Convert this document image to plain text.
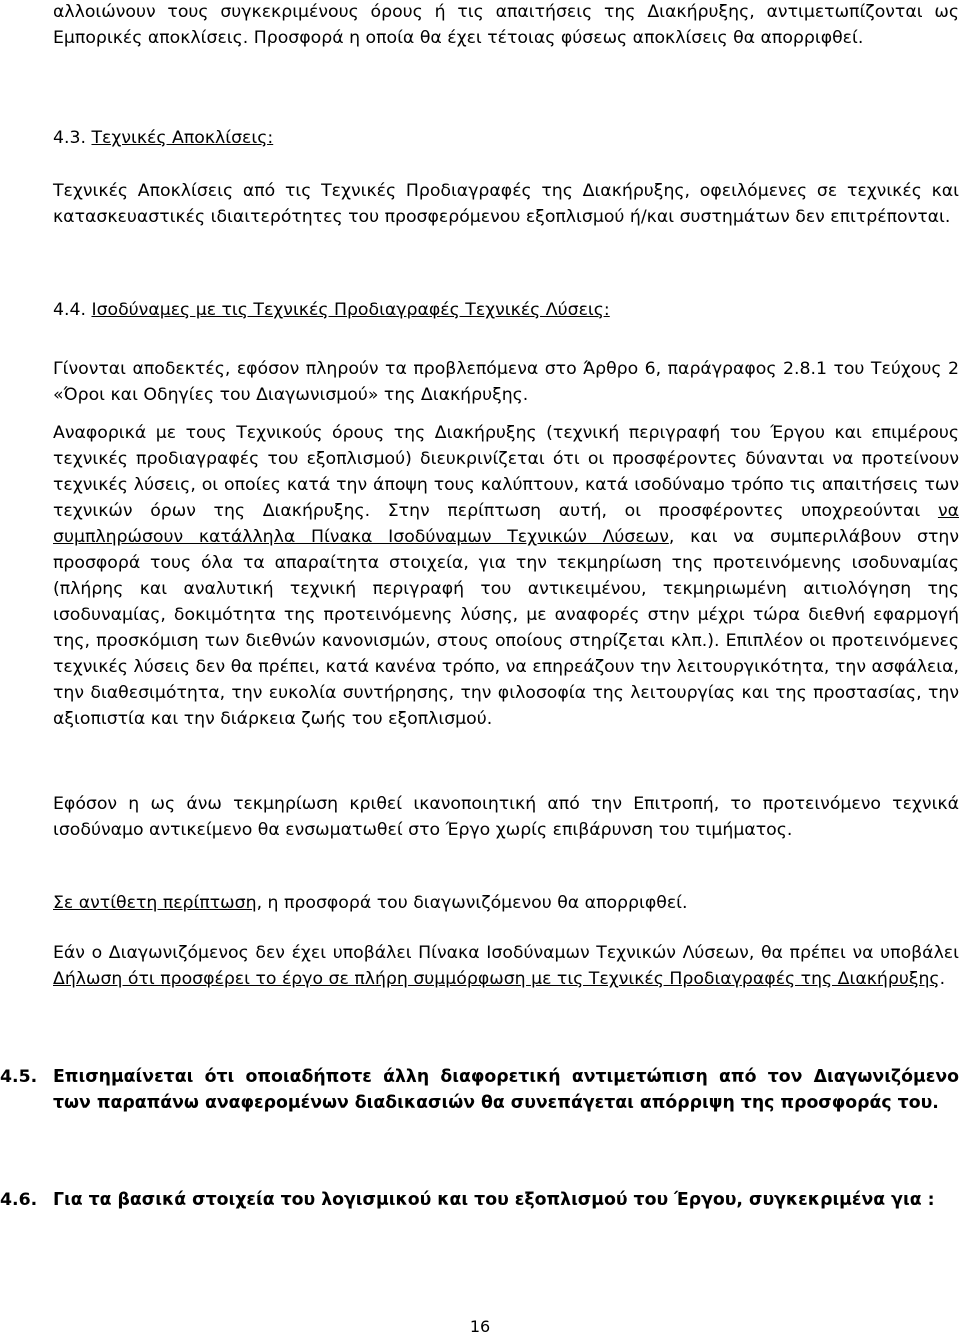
αλλοιώνουν τους συγκεκριμένους όρους ή τις απαιτήσεις της Διακήρυξης, αντιμετωπίζονται ως Εμπορικές αποκλίσεις. Προσφορά η οποία θα έχει τέτοιας φύσεως αποκλίσεις θα απορριφθεί.

4.3. Τεχνικές Αποκλίσεις:

Τεχνικές Αποκλίσεις από τις Τεχνικές Προδιαγραφές της Διακήρυξης, οφειλόμενες σε τεχνικές και κατασκευαστικές ιδιαιτερότητες του προσφερόμενου εξοπλισμού ή/και συστημάτων δεν επιτρέπονται.

4.4. Ισοδύναμες με τις Τεχνικές Προδιαγραφές Τεχνικές Λύσεις:

Γίνονται αποδεκτές, εφόσον πληρούν τα προβλεπόμενα στο Άρθρο 6, παράγραφος 2.8.1 του Τεύχους 2 «Όροι και Οδηγίες του Διαγωνισμού» της Διακήρυξης.

Αναφορικά με τους Τεχνικούς όρους της Διακήρυξης (τεχνική περιγραφή του Έργου και επιμέρους τεχνικές προδιαγραφές του εξοπλισμού) διευκρινίζεται ότι οι προσφέροντες δύνανται να προτείνουν τεχνικές λύσεις, οι οποίες κατά την άποψη τους καλύπτουν, κατά ισοδύναμο τρόπο τις απαιτήσεις των τεχνικών όρων της Διακήρυξης. Στην περίπτωση αυτή, οι προσφέροντες υποχρεούνται να συμπληρώσουν κατάλληλα Πίνακα Ισοδύναμων Τεχνικών Λύσεων, και να συμπεριλάβουν στην προσφορά τους όλα τα απαραίτητα στοιχεία, για την τεκμηρίωση της προτεινόμενης ισοδυναμίας (πλήρης και αναλυτική τεχνική περιγραφή του αντικειμένου, τεκμηριωμένη αιτιολόγηση της ισοδυναμίας, δοκιμότητα της προτεινόμενης λύσης, με αναφορές στην μέχρι τώρα διεθνή εφαρμογή της, προσκόμιση των διεθνών κανονισμών, στους οποίους στηρίζεται κλπ.). Επιπλέον οι προτεινόμενες τεχνικές λύσεις δεν θα πρέπει, κατά κανένα τρόπο, να επηρεάζουν την λειτουργικότητα, την ασφάλεια, την διαθεσιμότητα, την ευκολία συντήρησης, την φιλοσοφία της λειτουργίας και της προστασίας, την αξιοπιστία και την διάρκεια ζωής του εξοπλισμού.

Εφόσον η ως άνω τεκμηρίωση κριθεί ικανοποιητική από την Επιτροπή, το προτεινόμενο τεχνικά ισοδύναμο αντικείμενο θα ενσωματωθεί στο Έργο χωρίς επιβάρυνση του τιμήματος.

Σε αντίθετη περίπτωση, η προσφορά του διαγωνιζόμενου θα απορριφθεί.

Εάν ο Διαγωνιζόμενος δεν έχει υποβάλει Πίνακα Ισοδύναμων Τεχνικών Λύσεων, θα πρέπει να υποβάλει Δήλωση ότι προσφέρει το έργο σε πλήρη συμμόρφωση με τις Τεχνικές Προδιαγραφές της Διακήρυξης.

4.5. Επισημαίνεται ότι οποιαδήποτε άλλη διαφορετική αντιμετώπιση από τον Διαγωνιζόμενο των παραπάνω αναφερομένων διαδικασιών θα συνεπάγεται απόρριψη της προσφοράς του.
4.6. Για τα βασικά στοιχεία του λογισμικού και του εξοπλισμού του Έργου, συγκεκριμένα για :
16
